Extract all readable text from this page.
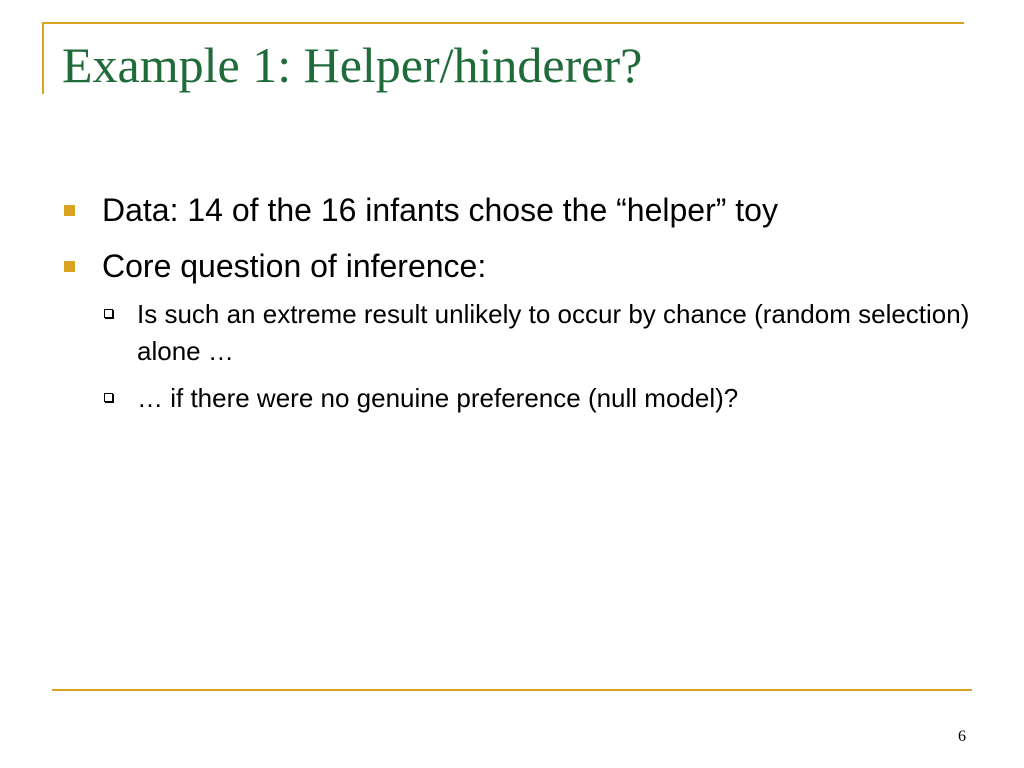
Example 1: Helper/hinderer?
Data: 14 of the 16 infants chose the “helper” toy
Core question of inference:
Is such an extreme result unlikely to occur by chance (random selection) alone …
… if there were no genuine preference (null model)?
6
